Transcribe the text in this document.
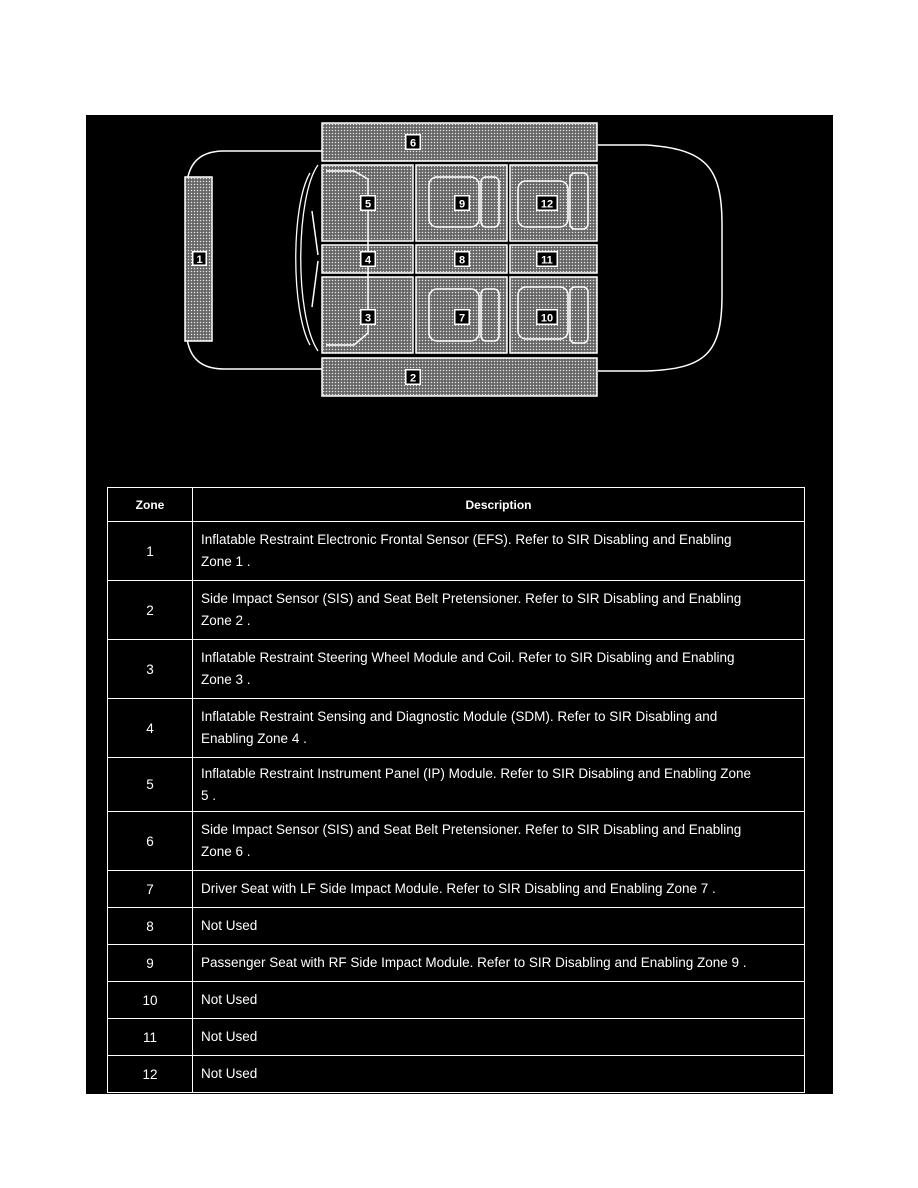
1
6
5	9	12
4	8	11
3	7	10
2
Zone	Description
1	Inflatable Restraint Electronic Frontal Sensor (EFS). Refer to SIR Disabling and Enabling Zone 1 .

2	Side Impact Sensor (SIS) and Seat Belt Pretensioner. Refer to SIR Disabling and Enabling Zone 2 .

3	Inflatable Restraint Steering Wheel Module and Coil. Refer to SIR Disabling and Enabling Zone 3 .

4	Inflatable Restraint Sensing and Diagnostic Module (SDM). Refer to SIR Disabling and Enabling Zone 4 .

5	Inflatable Restraint Instrument Panel (IP) Module. Refer to SIR Disabling and Enabling Zone 5 .

6	Side Impact Sensor (SIS) and Seat Belt Pretensioner. Refer to SIR Disabling and Enabling Zone 6 .

7	Driver Seat with LF Side Impact Module. Refer to SIR Disabling and Enabling Zone 7 .

8	Not Used

9	Passenger Seat with RF Side Impact Module. Refer to SIR Disabling and Enabling Zone 9 .

10	Not Used

11	Not Used

12	Not Used
